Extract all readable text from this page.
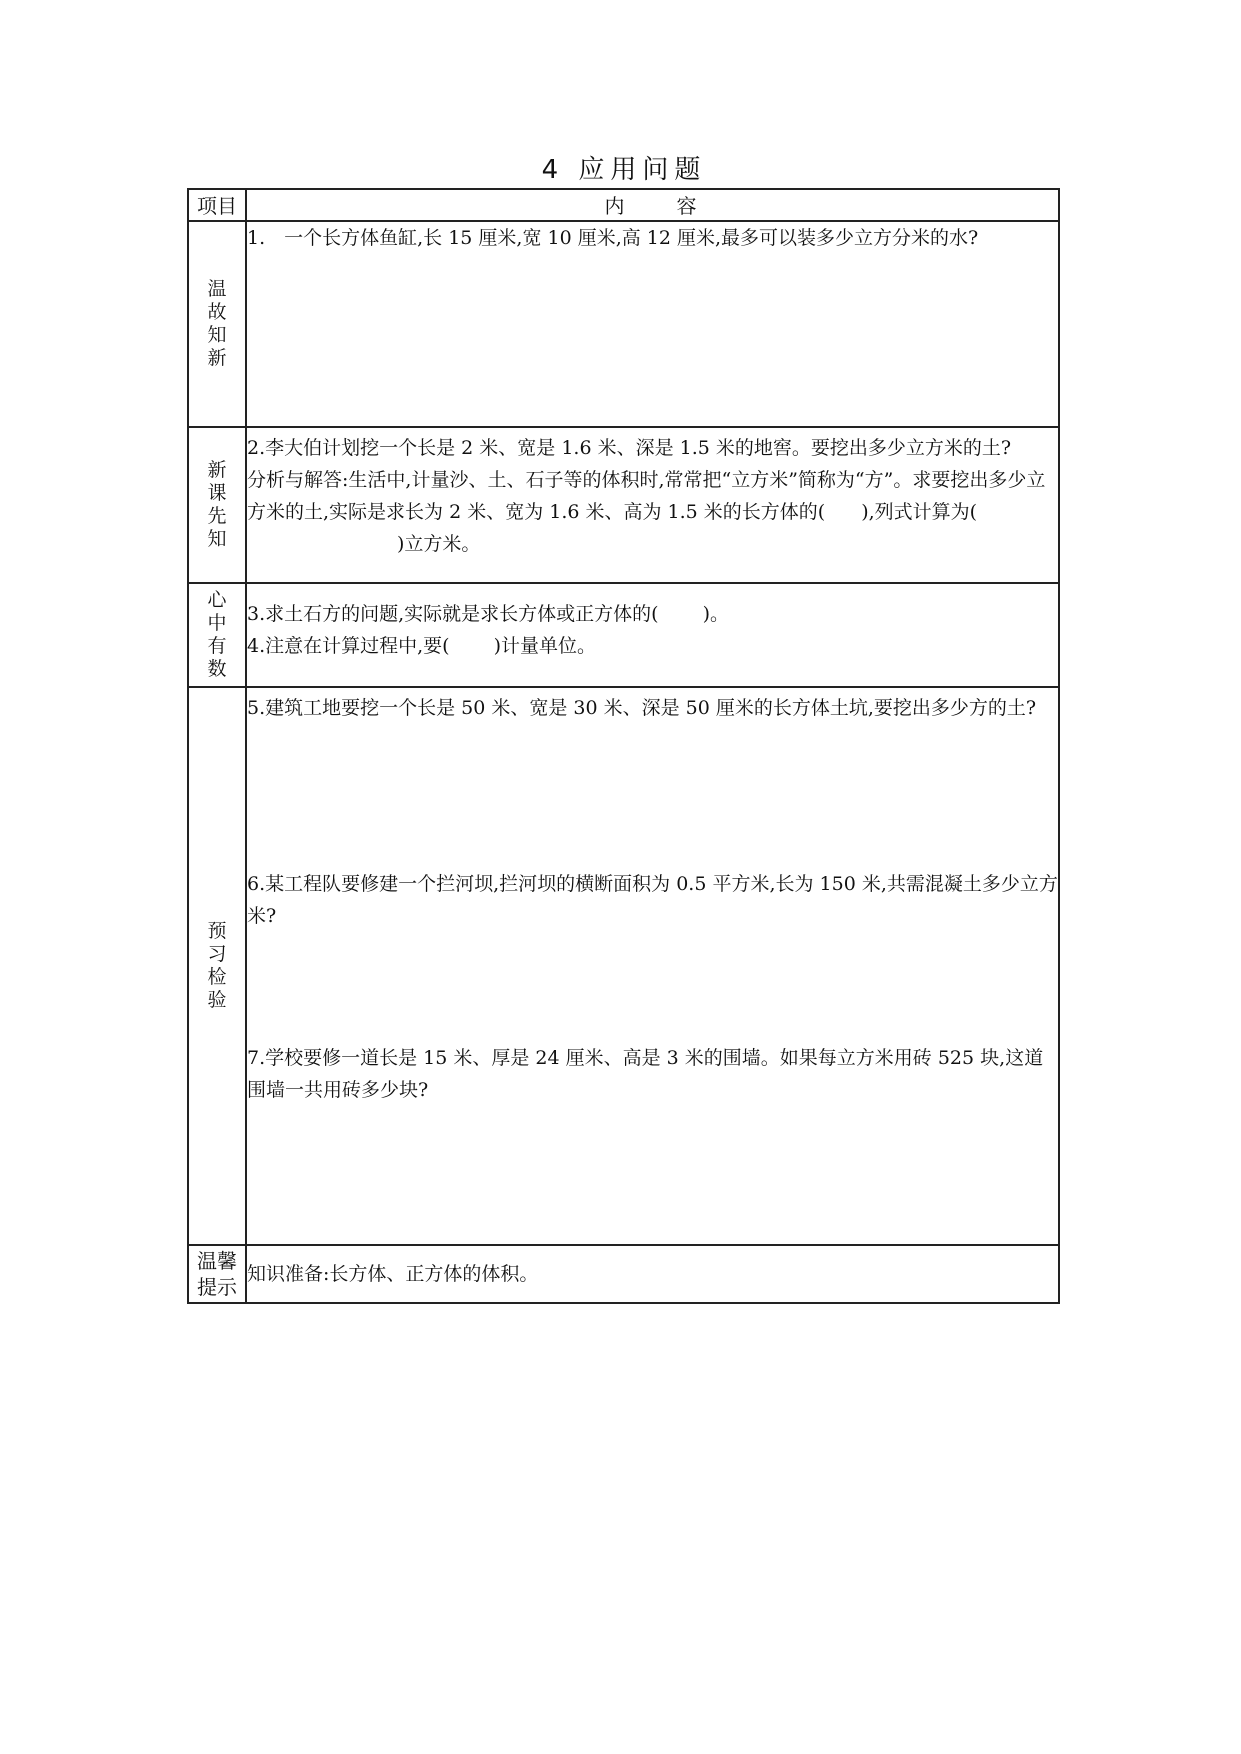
4 应用问题
项目	内　　容

温故知新	1.　一个长方体鱼缸,长 15 厘米,宽 10 厘米,高 12 厘米,最多可以装多少立方分米的水?

新课先知	2.李大伯计划挖一个长是 2 米、宽是 1.6 米、深是 1.5 米的地窖。要挖出多少立方米的土?

分析与解答:生活中,计量沙、土、石子等的体积时,常常把“立方米”简称为“方”。求要挖出多少立方米的土,实际是求长为 2 米、宽为 1.6 米、高为 1.5 米的长方体的( ),列式计算为()立方米。

心中有数	3.求土石方的问题,实际就是求长方体或正方体的( )。

4.注意在计算过程中,要( )计量单位。

预习检验	5.建筑工地要挖一个长是 50 米、宽是 30 米、深是 50 厘米的长方体土坑,要挖出多少方的土?

6.某工程队要修建一个拦河坝,拦河坝的横断面积为 0.5 平方米,长为 150 米,共需混凝土多少立方米?

7.学校要修一道长是 15 米、厚是 24 厘米、高是 3 米的围墙。如果每立方米用砖 525 块,这道围墙一共用砖多少块?

温馨提示	知识准备:长方体、正方体的体积。
